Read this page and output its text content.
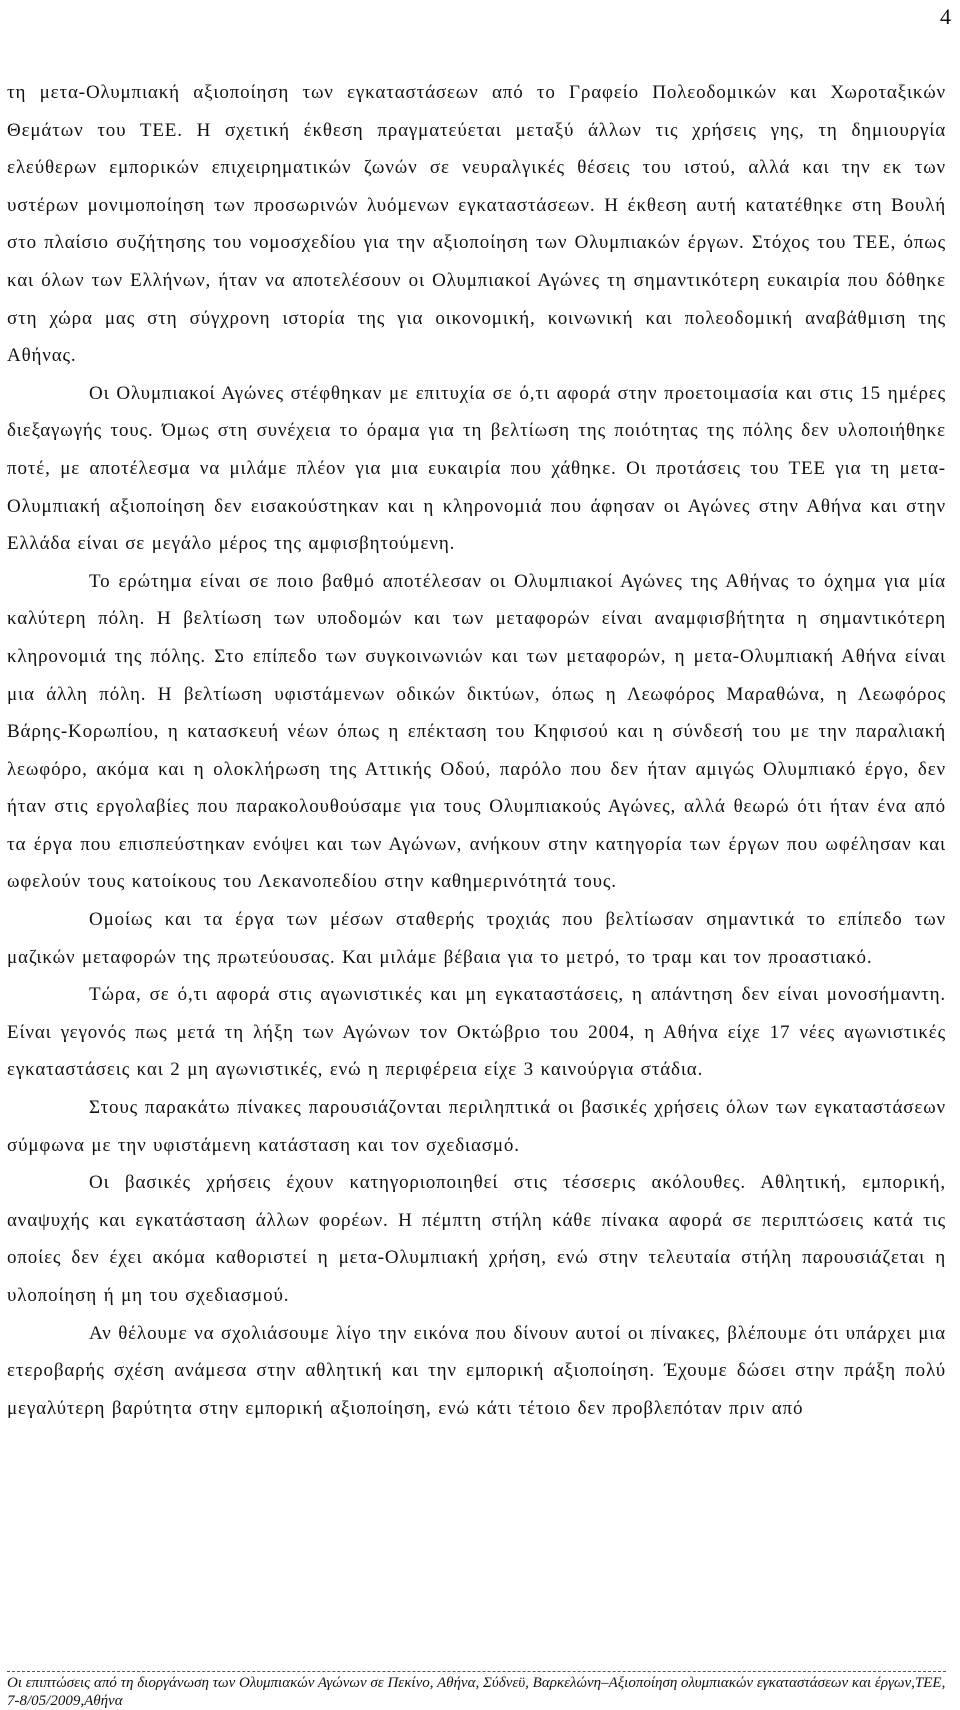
4

τη μετα-Ολυμπιακή αξιοποίηση των εγκαταστάσεων από το Γραφείο Πολεοδομικών και Χωροταξικών Θεμάτων του ΤΕΕ. Η σχετική έκθεση πραγματεύεται μεταξύ άλλων τις χρήσεις γης, τη δημιουργία ελεύθερων εμπορικών επιχειρηματικών ζωνών σε νευραλγικές θέσεις του ιστού, αλλά και την εκ των υστέρων μονιμοποίηση των προσωρινών λυόμενων εγκαταστάσεων. Η έκθεση αυτή κατατέθηκε στη Βουλή στο πλαίσιο συζήτησης του νομοσχεδίου για την αξιοποίηση των Ολυμπιακών έργων. Στόχος του ΤΕΕ, όπως και όλων των Ελλήνων, ήταν να αποτελέσουν οι Ολυμπιακοί Αγώνες τη σημαντικότερη ευκαιρία που δόθηκε στη χώρα μας στη σύγχρονη ιστορία της για οικονομική, κοινωνική και πολεοδομική αναβάθμιση της Αθήνας.

Οι Ολυμπιακοί Αγώνες στέφθηκαν με επιτυχία σε ό,τι αφορά στην προετοιμασία και στις 15 ημέρες διεξαγωγής τους. Όμως στη συνέχεια το όραμα για τη βελτίωση της ποιότητας της πόλης δεν υλοποιήθηκε ποτέ, με αποτέλεσμα να μιλάμε πλέον για μια ευκαιρία που χάθηκε. Οι προτάσεις του ΤΕΕ για τη μετα-Ολυμπιακή αξιοποίηση δεν εισακούστηκαν και η κληρονομιά που άφησαν οι Αγώνες στην Αθήνα και στην Ελλάδα είναι σε μεγάλο μέρος της αμφισβητούμενη.

Το ερώτημα είναι σε ποιο βαθμό αποτέλεσαν οι Ολυμπιακοί Αγώνες της Αθήνας το όχημα για μία καλύτερη πόλη. Η βελτίωση των υποδομών και των μεταφορών είναι αναμφισβήτητα η σημαντικότερη κληρονομιά της πόλης. Στο επίπεδο των συγκοινωνιών και των μεταφορών, η μετα-Ολυμπιακή Αθήνα είναι μια άλλη πόλη. Η βελτίωση υφιστάμενων οδικών δικτύων, όπως η Λεωφόρος Μαραθώνα, η Λεωφόρος Βάρης-Κορωπίου, η κατασκευή νέων όπως η επέκταση του Κηφισού και η σύνδεσή του με την παραλιακή λεωφόρο, ακόμα και η ολοκλήρωση της Αττικής Οδού, παρόλο που δεν ήταν αμιγώς Ολυμπιακό έργο, δεν ήταν στις εργολαβίες που παρακολουθούσαμε για τους Ολυμπιακούς Αγώνες, αλλά θεωρώ ότι ήταν ένα από τα έργα που επισπεύστηκαν ενόψει και των Αγώνων, ανήκουν στην κατηγορία των έργων που ωφέλησαν και ωφελούν τους κατοίκους του Λεκανοπεδίου στην καθημερινότητά τους.

Ομοίως και τα έργα των μέσων σταθερής τροχιάς που βελτίωσαν σημαντικά το επίπεδο των μαζικών μεταφορών της πρωτεύουσας. Και μιλάμε βέβαια για το μετρό, το τραμ και τον προαστιακό.

Τώρα, σε ό,τι αφορά στις αγωνιστικές και μη εγκαταστάσεις, η απάντηση δεν είναι μονοσήμαντη. Είναι γεγονός πως μετά τη λήξη των Αγώνων τον Οκτώβριο του 2004, η Αθήνα είχε 17 νέες αγωνιστικές εγκαταστάσεις και 2 μη αγωνιστικές, ενώ η περιφέρεια είχε 3 καινούργια στάδια.

Στους παρακάτω πίνακες παρουσιάζονται περιληπτικά οι βασικές χρήσεις όλων των εγκαταστάσεων σύμφωνα με την υφιστάμενη κατάσταση και τον σχεδιασμό.

Οι βασικές χρήσεις έχουν κατηγοριοποιηθεί στις τέσσερις ακόλουθες. Αθλητική, εμπορική, αναψυχής και εγκατάσταση άλλων φορέων. Η πέμπτη στήλη κάθε πίνακα αφορά σε περιπτώσεις κατά τις οποίες δεν έχει ακόμα καθοριστεί η μετα-Ολυμπιακή χρήση, ενώ στην τελευταία στήλη παρουσιάζεται η υλοποίηση ή μη του σχεδιασμού.

Αν θέλουμε να σχολιάσουμε λίγο την εικόνα που δίνουν αυτοί οι πίνακες, βλέπουμε ότι υπάρχει μια ετεροβαρής σχέση ανάμεσα στην αθλητική και την εμπορική αξιοποίηση. Έχουμε δώσει στην πράξη πολύ μεγαλύτερη βαρύτητα στην εμπορική αξιοποίηση, ενώ κάτι τέτοιο δεν προβλεπόταν πριν από

Οι επιπτώσεις από τη διοργάνωση των Ολυμπιακών Αγώνων σε Πεκίνο, Αθήνα, Σύδνεϋ, Βαρκελώνη–Αξιοποίηση ολυμπιακών εγκαταστάσεων και έργων,ΤΕΕ, 7-8/05/2009,Αθήνα
